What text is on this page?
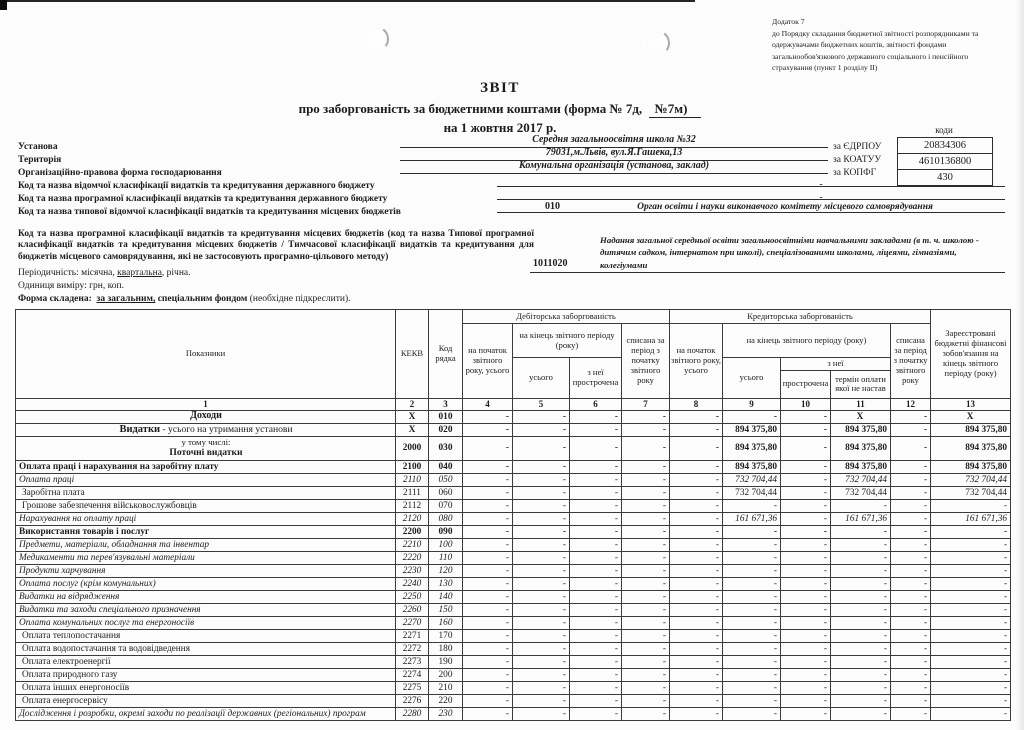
Додаток 7
до Порядку складання бюджетної звітності розпорядниками та
одержувачами бюджетних коштів, звітності фондами
загальнообов'язкового державного соціального і пенсійного
страхування (пункт 1 розділу ІІ)
ЗВІТ
про заборгованість за бюджетними коштами (форма № 7д, №7м)
на 1 жовтня 2017 р.	коди
20834306
4610136800
430
Установа
Середня загальноосвітня школа №32
за ЄДРПОУ
Територія
79031,м.Львів, вул.Я.Гашека,13
за КОАТУУ
Організаційно-правова форма господарювання
Комунальна організація (установа, заклад)
за КОПФГ
Код та назва відомчої класифікації видатків та кредитування державного бюджету	-
Код та назва програмної класифікації видатків та кредитування державного бюджету	-
Код та назва типової відомчої класифікації видатків та кредитування місцевих бюджетів	010	Орган освіти і науки виконавчого комітету місцевого самоврядування
Код та назва програмної класифікації видатків та кредитування місцевих бюджетів (код та назва Типової програмної класифікації видатків та кредитування місцевих бюджетів / Тимчасової класифікації видатків та кредитування для бюджетів місцевого самоврядування, які не застосовують програмно-цільового методу)
1011020
Надання загальної середньої освіти загальноосвітніми навчальними закладами (в т. ч. школою - дитячим садком, інтернатом при школі), спеціалізованими школами, ліцеями, гімназіями, колегіумами
Періодичність: місячна, квартальна, річна.
Одиниця виміру: грн, коп.
Форма складена: за загальним, спеціальним фондом (необхідне підкреслити).
Показники	КЕКВ	Код рядка	Дебіторська заборгованість				Кредиторська заборгованість					Зареєстровані бюджетні фінансові зобов'язання на кінець звітного періоду (року)
			на початок звітного року, усього	на кінець звітного періоду (року)		списана за період з початку звітного року	на початок звітного року, усього	на кінець звітного періоду (року)			списана за період з початку звітного року	
				усього	з неї прострочена			усього	з неї			
									прострочена	термін оплати якої не настав		
1	2	3	4	5	6	7	8	9	10	11	12	13
Доходи	X	010	-	-	-	-	-	-	-	X	-	X
Видатки - усього на утримання установи	X	020	-	-	-	-	-	894 375,80	-	894 375,80	-	894 375,80

у тому числі:
Поточні видатки	2000	030	-	-	-	-	-	894 375,80	-	894 375,80	-	894 375,80
Оплата праці і нарахування на заробітну плату	2100	040	-	-	-	-	-	894 375,80	-	894 375,80	-	894 375,80
Оплата праці	2110	050	-	-	-	-	-	732 704,44	-	732 704,44	-	732 704,44
Заробітна плата	2111	060	-	-	-	-	-	732 704,44	-	732 704,44	-	732 704,44
Грошове забезпечення військовослужбовців	2112	070	-	-	-	-	-	-	-	-	-	-
Нарахування на оплату праці	2120	080	-	-	-	-	-	161 671,36	-	161 671,36	-	161 671,36
Використання товарів і послуг	2200	090	-	-	-	-	-	-	-	-	-	-
Предмети, матеріали, обладнання та інвентар	2210	100	-	-	-	-	-	-	-	-	-	-
Медикаменти та перев'язувальні матеріали	2220	110	-	-	-	-	-	-	-	-	-	-
Продукти харчування	2230	120	-	-	-	-	-	-	-	-	-	-
Оплата послуг (крім комунальних)	2240	130	-	-	-	-	-	-	-	-	-	-
Видатки на відрядження	2250	140	-	-	-	-	-	-	-	-	-	-
Видатки та заходи спеціального призначення	2260	150	-	-	-	-	-	-	-	-	-	-
Оплата комунальних послуг та енергоносіїв	2270	160	-	-	-	-	-	-	-	-	-	-
Оплата теплопостачання	2271	170	-	-	-	-	-	-	-	-	-	-
Оплата водопостачання та водовідведення	2272	180	-	-	-	-	-	-	-	-	-	-
Оплата електроенергії	2273	190	-	-	-	-	-	-	-	-	-	-
Оплата природного газу	2274	200	-	-	-	-	-	-	-	-	-	-
Оплата інших енергоносіїв	2275	210	-	-	-	-	-	-	-	-	-	-
Оплата енергосервісу	2276	220	-	-	-	-	-	-	-	-	-	-
Дослідження і розробки, окремі заходи по реалізації державних (регіональних) програм	2280	230	-	-	-	-	-	-	-	-	-	-
